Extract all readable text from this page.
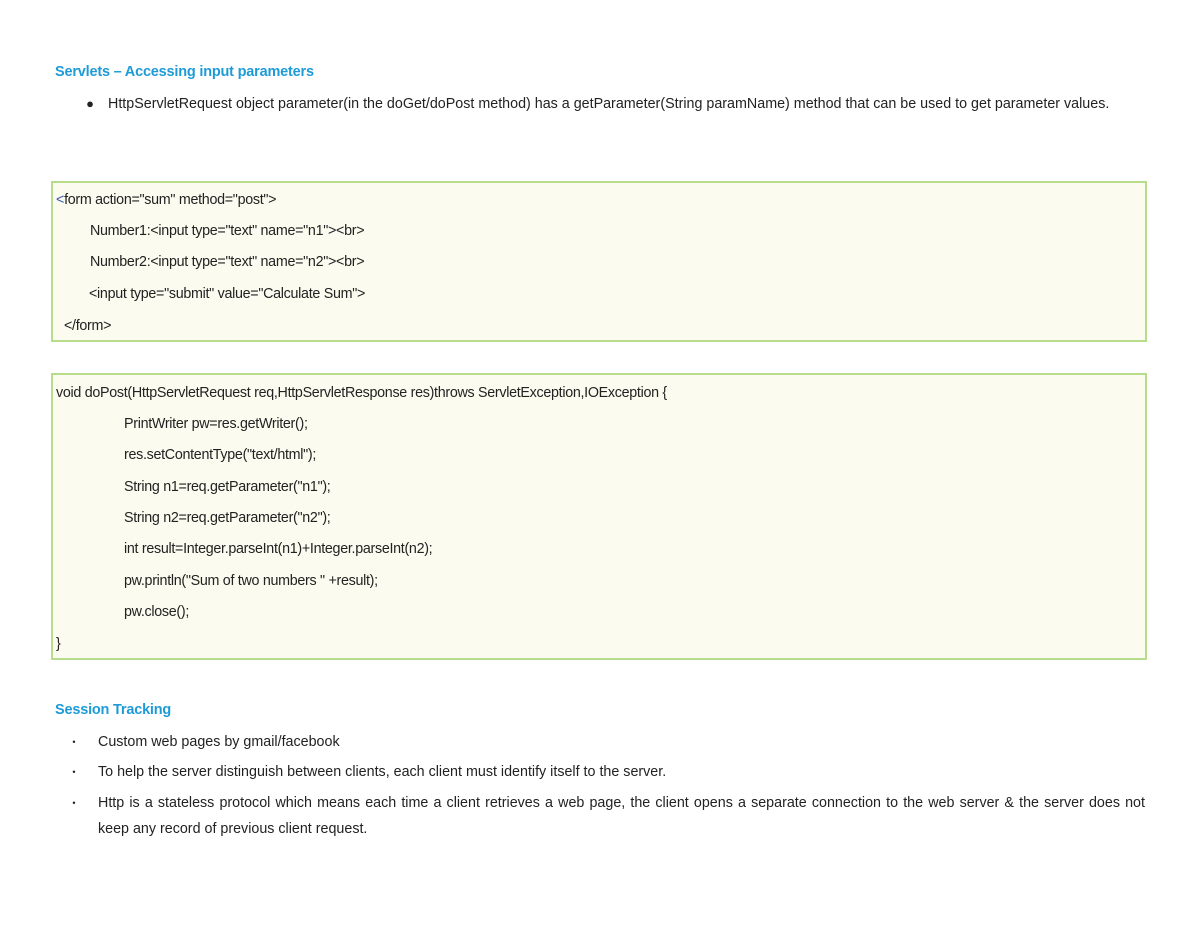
Servlets – Accessing input parameters
● HttpServletRequest object parameter(in the doGet/doPost method) has a getParameter(String paramName) method that can be used to get parameter values.
<form action="sum" method="post">
Number1:<input type="text" name="n1"><br>
Number2:<input type="text" name="n2"><br>
<input type="submit" value="Calculate Sum">
</form>
void doPost(HttpServletRequest req,HttpServletResponse res)throws ServletException,IOException {
PrintWriter pw=res.getWriter();
res.setContentType("text/html");
String n1=req.getParameter("n1");
String n2=req.getParameter("n2");
int result=Integer.parseInt(n1)+Integer.parseInt(n2);
pw.println("Sum of two numbers " +result);
pw.close();
}
Session Tracking
•	Custom web pages by gmail/facebook
•	To help the server distinguish between clients, each client must identify itself to the server.
•	Http is a stateless protocol which means each time a client retrieves a web page, the client opens a separate connection to the web server & the server does not keep any record of previous client request.
